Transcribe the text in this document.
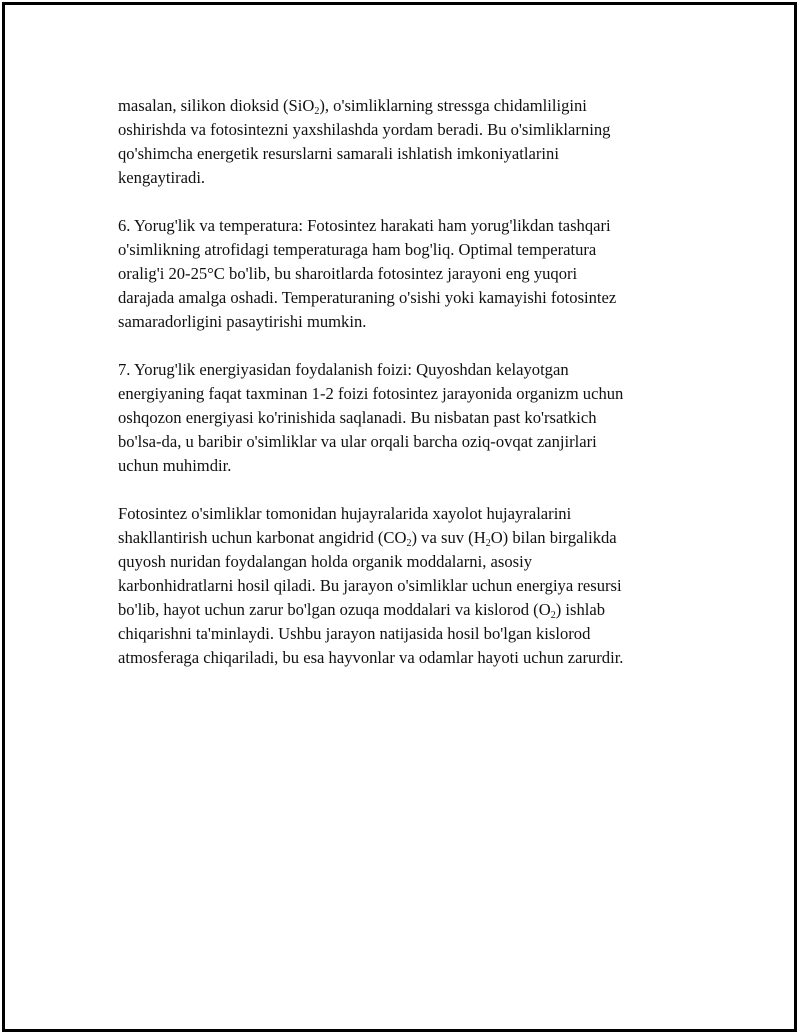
masalan, silikon dioksid (SiO$_2$), o'simliklarning stressga chidamliligini
oshirishda va fotosintezni yaxshilashda yordam beradi. Bu o'simliklarning
qo'shimcha energetik resurslarni samarali ishlatish imkoniyatlarini
kengaytiradi.

6. Yorug'lik va temperatura: Fotosintez harakati ham yorug'likdan tashqari
o'simlikning atrofidagi temperaturaga ham bog'liq. Optimal temperatura
oralig'i 20-25°C bo'lib, bu sharoitlarda fotosintez jarayoni eng yuqori
darajada amalga oshadi. Temperaturaning o'sishi yoki kamayishi fotosintez
samaradorligini pasaytirishi mumkin.

7. Yorug'lik energiyasidan foydalanish foizi: Quyoshdan kelayotgan
energiyaning faqat taxminan 1-2 foizi fotosintez jarayonida organizm uchun
oshqozon energiyasi ko'rinishida saqlanadi. Bu nisbatan past ko'rsatkich
bo'lsa-da, u baribir o'simliklar va ular orqali barcha oziq-ovqat zanjirlari
uchun muhimdir.

Fotosintez o'simliklar tomonidan hujayralarida xayolot hujayralarini
shakllantirish uchun karbonat angidrid $(CO_2)$ va suv $(H_2O)$ bilan birgalikda
quyosh nuridan foydalangan holda organik moddalarni, asosiy
karbonhidratlarni hosil qiladi. Bu jarayon o'simliklar uchun energiya resursi
bo'lib, hayot uchun zarur bo'lgan ozuqa moddalari va kislorod $(O_2)$ ishlab
chiqarishni ta'minlaydi. Ushbu jarayon natijasida hosil bo'lgan kislorod
atmosferaga chiqariladi, bu esa hayvonlar va odamlar hayoti uchun zarurdir.
